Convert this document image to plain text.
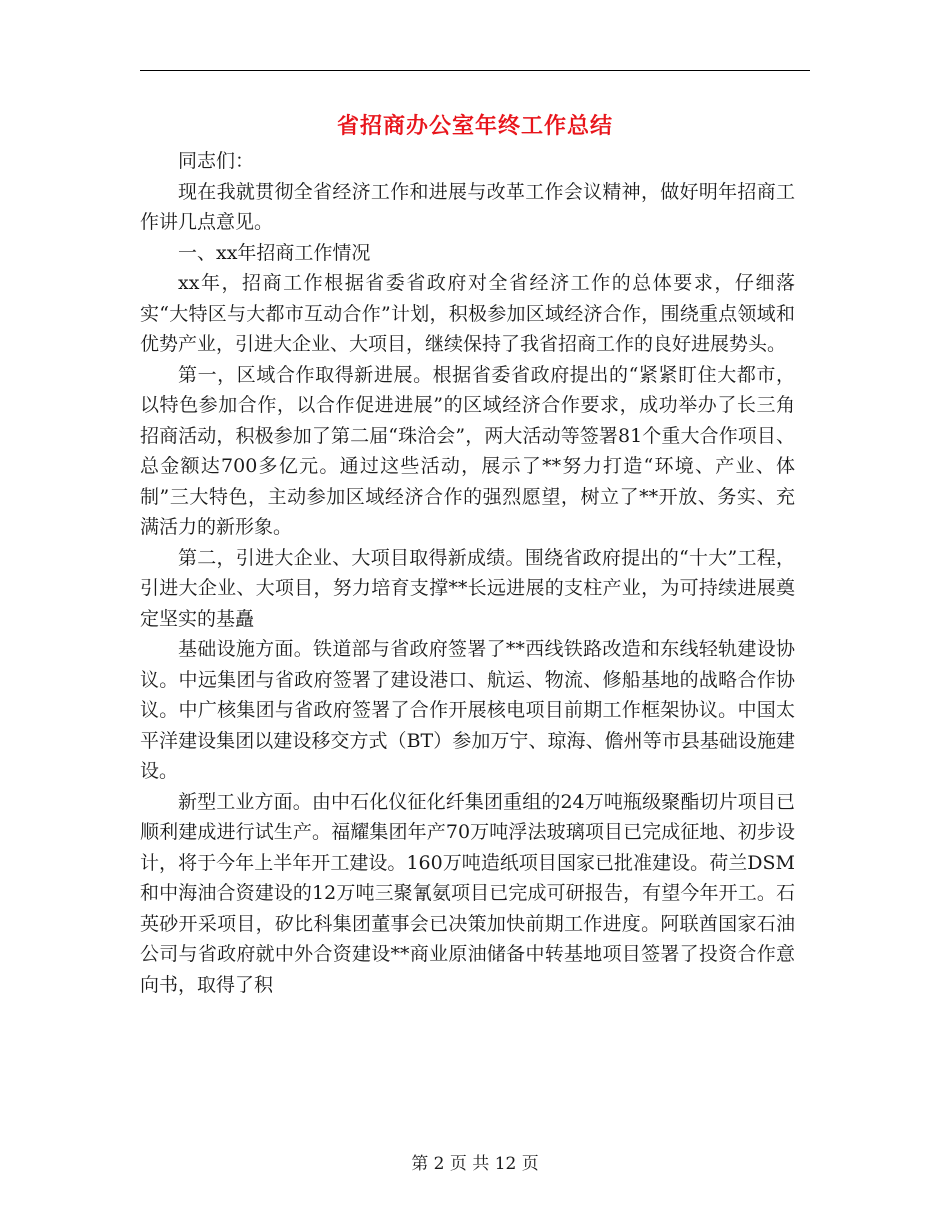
省招商办公室年终工作总结

同志们：

现在我就贯彻全省经济工作和进展与改革工作会议精神，做好明年招商工作讲几点意见。

一、xx年招商工作情况

xx年，招商工作根据省委省政府对全省经济工作的总体要求，仔细落实“大特区与大都市互动合作”计划，积极参加区域经济合作，围绕重点领域和优势产业，引进大企业、大项目，继续保持了我省招商工作的良好进展势头。

第一，区域合作取得新进展。根据省委省政府提出的“紧紧盯住大都市，以特色参加合作，以合作促进进展”的区域经济合作要求，成功举办了长三角招商活动，积极参加了第二届“珠洽会”，两大活动等签署81个重大合作项目、总金额达700多亿元。通过这些活动，展示了**努力打造“环境、产业、体制”三大特色，主动参加区域经济合作的强烈愿望，树立了**开放、务实、充满活力的新形象。

第二，引进大企业、大项目取得新成绩。围绕省政府提出的“十大”工程，引进大企业、大项目，努力培育支撑**长远进展的支柱产业，为可持续进展奠定坚实的基矗

基础设施方面。铁道部与省政府签署了**西线铁路改造和东线轻轨建设协议。中远集团与省政府签署了建设港口、航运、物流、修船基地的战略合作协议。中广核集团与省政府签署了合作开展核电项目前期工作框架协议。中国太平洋建设集团以建设移交方式（BT）参加万宁、琼海、儋州等市县基础设施建设。

新型工业方面。由中石化仪征化纤集团重组的24万吨瓶级聚酯切片项目已顺利建成进行试生产。福耀集团年产70万吨浮法玻璃项目已完成征地、初步设计，将于今年上半年开工建设。160万吨造纸项目国家已批准建设。荷兰DSM和中海油合资建设的12万吨三聚氰氨项目已完成可研报告，有望今年开工。石英砂开采项目，矽比科集团董事会已决策加快前期工作进度。阿联酋国家石油公司与省政府就中外合资建设**商业原油储备中转基地项目签署了投资合作意向书，取得了积

第 2 页 共 12 页
